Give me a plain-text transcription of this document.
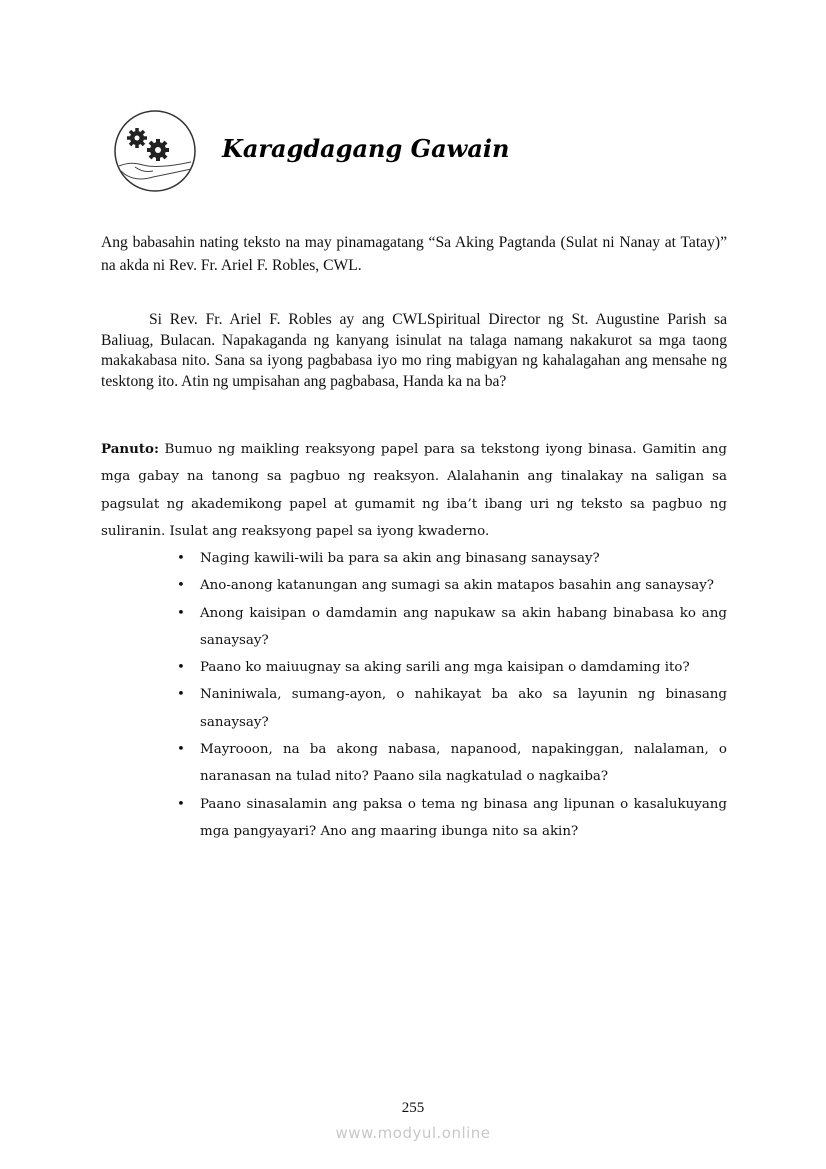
Karagdagang Gawain

Ang babasahin nating teksto na may pinamagatang “Sa Aking Pagtanda (Sulat ni Nanay at Tatay)” na akda ni Rev. Fr. Ariel F. Robles, CWL.

Si Rev. Fr. Ariel F. Robles ay ang CWLSpiritual Director ng St. Augustine Parish sa Baliuag, Bulacan. Napakaganda ng kanyang isinulat na talaga namang nakakurot sa mga taong makakabasa nito. Sana sa iyong pagbabasa iyo mo ring mabigyan ng kahalagahan ang mensahe ng tesktong ito. Atin ng umpisahan ang pagbabasa, Handa ka na ba?

Panuto: Bumuo ng maikling reaksyong papel para sa tekstong iyong binasa. Gamitin ang mga gabay na tanong sa pagbuo ng reaksyon. Alalahanin ang tinalakay na saligan sa pagsulat ng akademikong papel at gumamit ng iba’t ibang uri ng teksto sa pagbuo ng suliranin. Isulat ang reaksyong papel sa iyong kwaderno.

• Naging kawili-wili ba para sa akin ang binasang sanaysay?
• Ano-anong katanungan ang sumagi sa akin matapos basahin ang sanaysay?
• Anong kaisipan o damdamin ang napukaw sa akin habang binabasa ko ang sanaysay?
• Paano ko maiuugnay sa aking sarili ang mga kaisipan o damdaming ito?
• Naniniwala, sumang-ayon, o nahikayat ba ako sa layunin ng binasang sanaysay?
• Mayrooon, na ba akong nabasa, napanood, napakinggan, nalalaman, o naranasan na tulad nito? Paano sila nagkatulad o nagkaiba?
• Paano sinasalamin ang paksa o tema ng binasa ang lipunan o kasalukuyang mga pangyayari? Ano ang maaring ibunga nito sa akin?
255
www.modyul.online
